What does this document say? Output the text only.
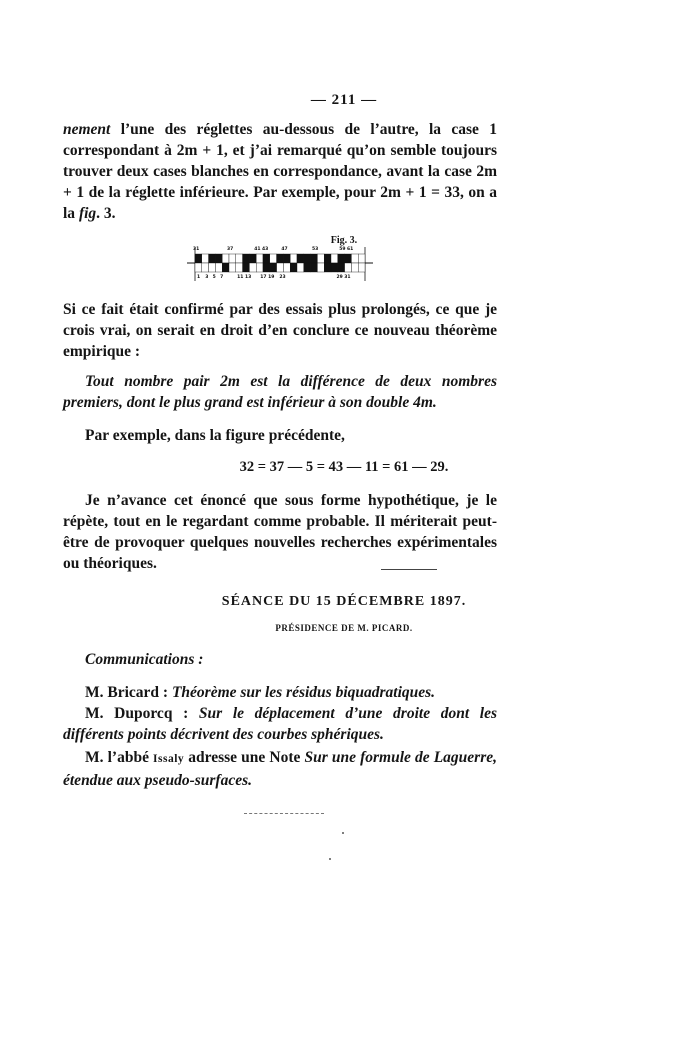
— 211 —
nement l’une des réglettes au-dessous de l’autre, la case 1 correspondant à 2m + 1, et j’ai remarqué qu’on semble toujours trouver deux cases blanches en correspondance, avant la case 2m + 1 de la réglette inférieure. Par exemple, pour 2m + 1 = 33, on a la fig. 3.
Fig. 3.
31	37	41 43	47	53	59 61
1 3 5 7	11 13 17 19 23	29 31
Si ce fait était confirmé par des essais plus prolongés, ce que je crois vrai, on serait en droit d’en conclure ce nouveau théorème empirique :
Tout nombre pair 2m est la différence de deux nombres premiers, dont le plus grand est inférieur à son double 4m.
Par exemple, dans la figure précédente,
32 = 37 — 5 = 43 — 11 = 61 — 29.
Je n’avance cet énoncé que sous forme hypothétique, je le répète, tout en le regardant comme probable. Il mériterait peut-être de provoquer quelques nouvelles recherches expérimentales ou théoriques.
SÉANCE DU 15 DÉCEMBRE 1897.
PRÉSIDENCE DE M. PICARD.
Communications :
M. Bricard : Théorème sur les résidus biquadratiques.
M. Duporcq : Sur le déplacement d’une droite dont les différents points décrivent des courbes sphériques.
M. l’abbé Issaly adresse une Note Sur une formule de Laguerre, étendue aux pseudo-surfaces.
